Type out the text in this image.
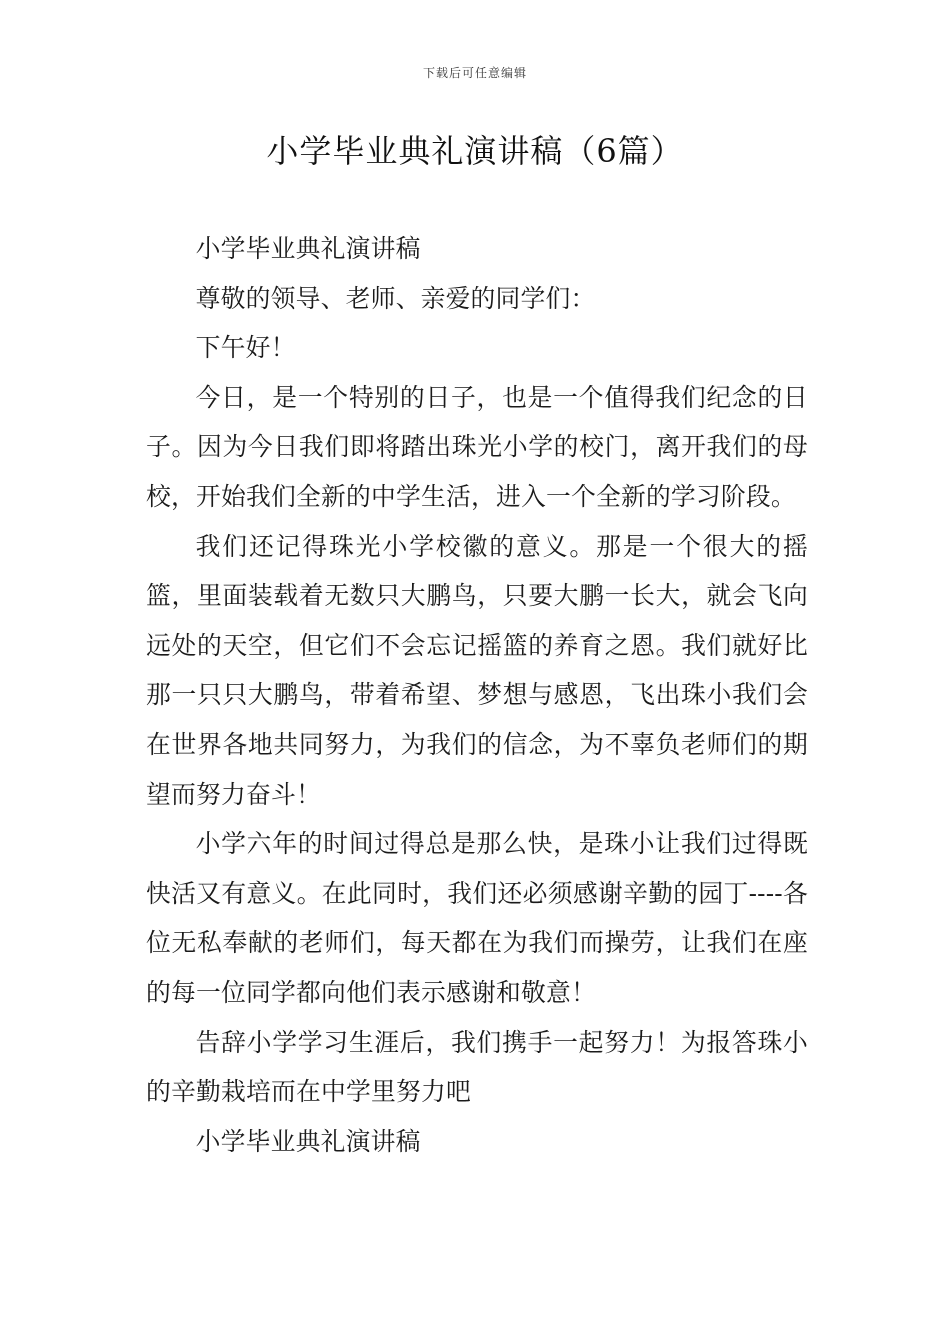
下载后可任意编辑
小学毕业典礼演讲稿（6篇）

小学毕业典礼演讲稿

尊敬的领导、老师、亲爱的同学们：

下午好！

今日，是一个特别的日子，也是一个值得我们纪念的日子。因为今日我们即将踏出珠光小学的校门，离开我们的母校，开始我们全新的中学生活，进入一个全新的学习阶段。

我们还记得珠光小学校徽的意义。那是一个很大的摇篮，里面装载着无数只大鹏鸟，只要大鹏一长大，就会飞向远处的天空，但它们不会忘记摇篮的养育之恩。我们就好比那一只只大鹏鸟，带着希望、梦想与感恩，飞出珠小我们会在世界各地共同努力，为我们的信念，为不辜负老师们的期望而努力奋斗！

小学六年的时间过得总是那么快，是珠小让我们过得既快活又有意义。在此同时，我们还必须感谢辛勤的园丁----各位无私奉献的老师们，每天都在为我们而操劳，让我们在座的每一位同学都向他们表示感谢和敬意！

告辞小学学习生涯后，我们携手一起努力！为报答珠小的辛勤栽培而在中学里努力吧

小学毕业典礼演讲稿
